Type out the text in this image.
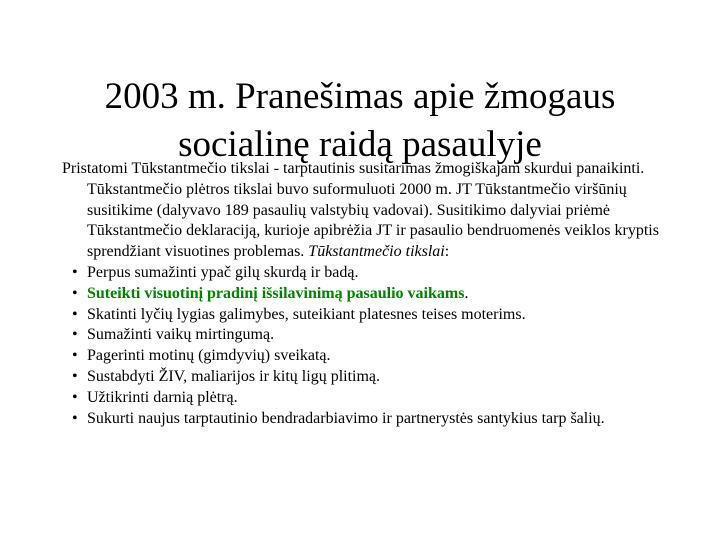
2003 m. Pranešimas apie žmogaus
socialinę raidą pasaulyje

Pristatomi Tūkstantmečio tikslai - tarptautinis susitarimas žmogiškajam skurdui panaikinti. Tūkstantmečio plėtros tikslai buvo suformuluoti 2000 m. JT Tūkstantmečio viršūnių susitikime (dalyvavo 189 pasaulių valstybių vadovai). Susitikimo dalyviai priėmė Tūkstantmečio deklaraciją, kurioje apibrėžia JT ir pasaulio bendruomenės veiklos kryptis sprendžiant visuotines problemas. Tūkstantmečio tikslai:

• Perpus sumažinti ypač gilų skurdą ir badą.
• Suteikti visuotinį pradinį išsilavinimą pasaulio vaikams.
• Skatinti lyčių lygias galimybes, suteikiant platesnes teises moterims.
• Sumažinti vaikų mirtingumą.
• Pagerinti motinų (gimdyvių) sveikatą.
• Sustabdyti ŽIV, maliarijos ir kitų ligų plitimą.
• Užtikrinti darnią plėtrą.
• Sukurti naujus tarptautinio bendradarbiavimo ir partnerystės santykius tarp šalių.
